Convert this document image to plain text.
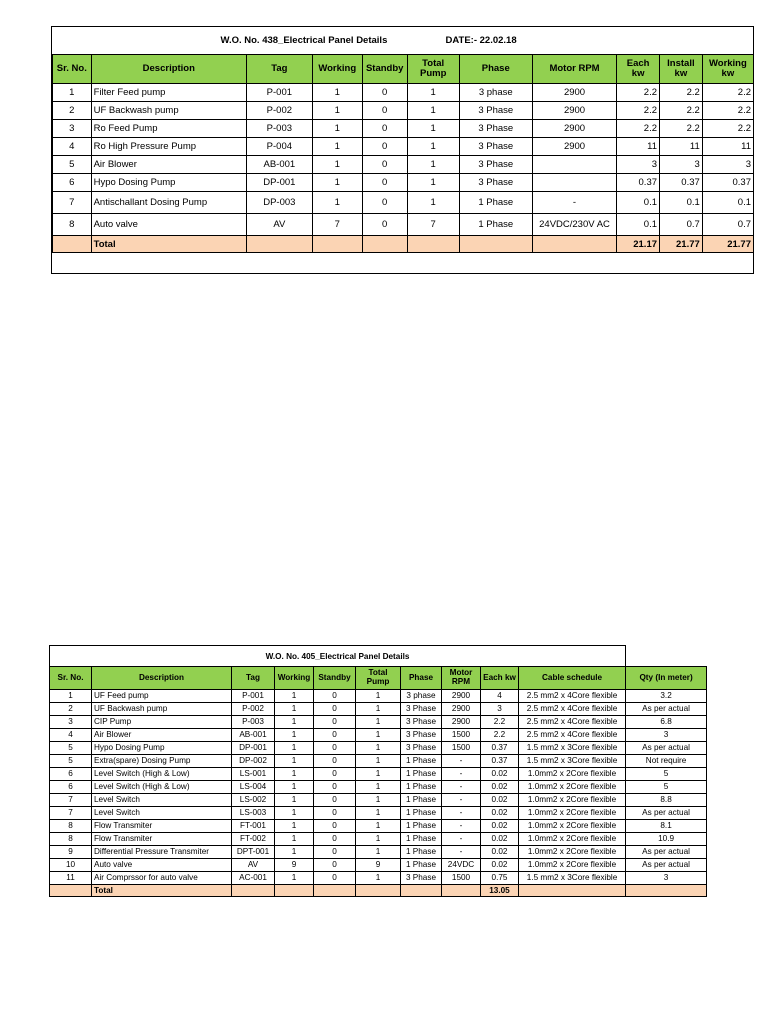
W.O. No. 438_Electrical Panel Details DATE:- 22.02.18										

Sr. No.	Description	Tag	Working	Standby	Total Pump	Phase	Motor RPM	Each kw	Install kw	Working kw
1	Filter Feed pump	P-001	1	0	1	3 phase	2900	2.2	2.2	2.2
2	UF Backwash pump	P-002	1	0	1	3 Phase	2900	2.2	2.2	2.2
3	Ro Feed Pump	P-003	1	0	1	3 Phase	2900	2.2	2.2	2.2
4	Ro High Pressure Pump	P-004	1	0	1	3 Phase	2900	11	11	11
5	Air Blower	AB-001	1	0	1	3 Phase		3	3	3
6	Hypo Dosing Pump	DP-001	1	0	1	3 Phase		0.37	0.37	0.37
7	Antischallant Dosing Pump	DP-003	1	0	1	1 Phase	-	0.1	0.1	0.1
8	Auto valve	AV	7	0	7	1 Phase	24VDC/230V AC	0.1	0.7	0.7
	Total							21.17	21.77	21.77

W.O. No. 405_Electrical Panel Details										
Sr. No.	Description	Tag	Working	Standby	Total Pump	Phase	Motor RPM	Each kw	Cable schedule	Qty (In meter)
1	UF Feed pump	P-001	1	0	1	3 phase	2900	4	2.5 mm2 x 4Core flexible	3.2
2	UF Backwash pump	P-002	1	0	1	3 Phase	2900	3	2.5 mm2 x 4Core flexible	As per actual
3	CIP Pump	P-003	1	0	1	3 Phase	2900	2.2	2.5 mm2 x 4Core flexible	6.8
4	Air Blower	AB-001	1	0	1	3 Phase	1500	2.2	2.5 mm2 x 4Core flexible	3
5	Hypo Dosing Pump	DP-001	1	0	1	3 Phase	1500	0.37	1.5 mm2 x 3Core flexible	As per actual
5	Extra(spare) Dosing Pump	DP-002	1	0	1	1 Phase	-	0.37	1.5 mm2 x 3Core flexible	Not require
6	Level Switch (High & Low)	LS-001	1	0	1	1 Phase	-	0.02	1.0mm2 x 2Core flexible	5
6	Level Switch (High & Low)	LS-004	1	0	1	1 Phase	-	0.02	1.0mm2 x 2Core flexible	5
7	Level Switch	LS-002	1	0	1	1 Phase	-	0.02	1.0mm2 x 2Core flexible	8.8
7	Level Switch	LS-003	1	0	1	1 Phase	-	0.02	1.0mm2 x 2Core flexible	As per actual
8	Flow Transmiter	FT-001	1	0	1	1 Phase	-	0.02	1.0mm2 x 2Core flexible	8.1
8	Flow Transmiter	FT-002	1	0	1	1 Phase	-	0.02	1.0mm2 x 2Core flexible	10.9
9	Differential Pressure Transmiter	DPT-001	1	0	1	1 Phase	-	0.02	1.0mm2 x 2Core flexible	As per actual
10	Auto valve	AV	9	0	9	1 Phase	24VDC	0.02	1.0mm2 x 2Core flexible	As per actual
11	Air Comprssor for auto valve	AC-001	1	0	1	3 Phase	1500	0.75	1.5 mm2 x 3Core flexible	3
	Total							13.05		
